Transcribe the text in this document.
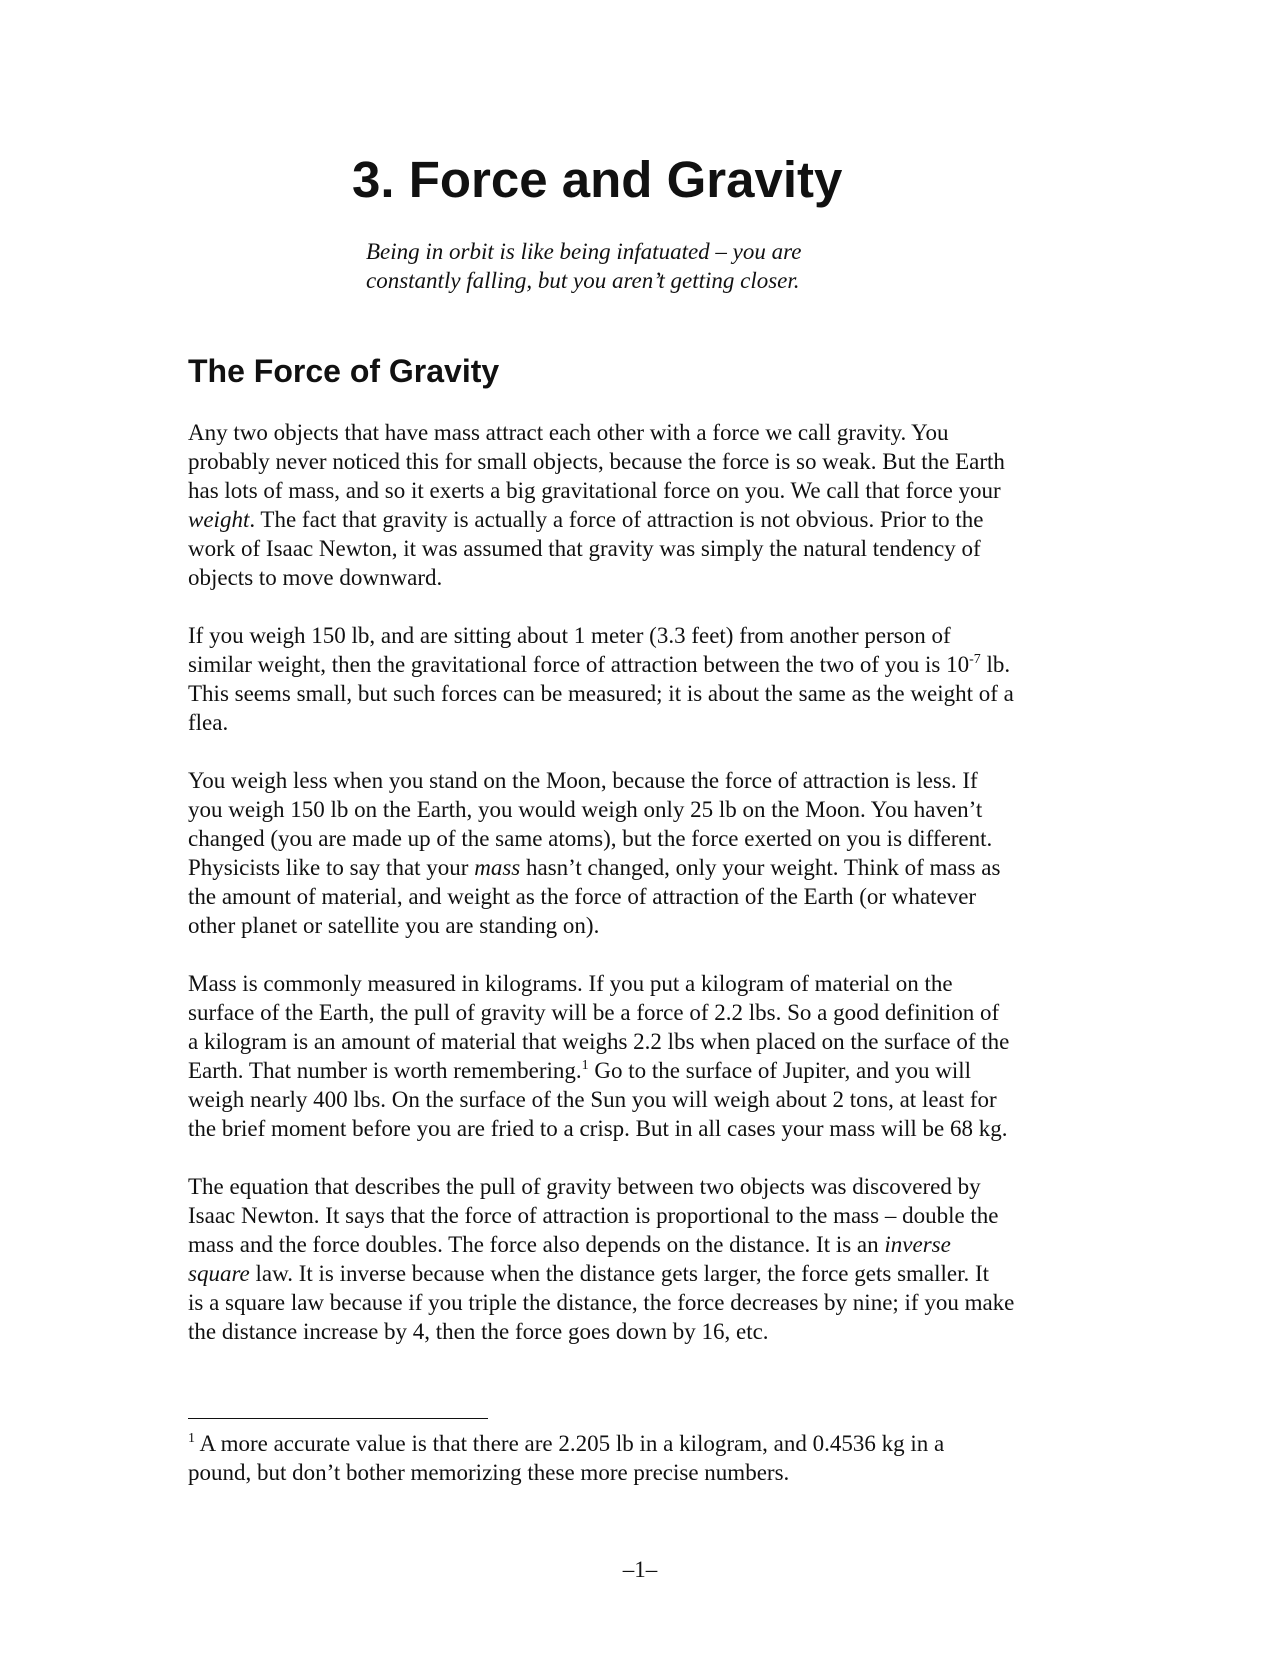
3. Force and Gravity
Being in orbit is like being infatuated – you are
constantly falling, but you aren’t getting closer.
The Force of Gravity
Any two objects that have mass attract each other with a force we call gravity. You
probably never noticed this for small objects, because the force is so weak. But the Earth
has lots of mass, and so it exerts a big gravitational force on you. We call that force your
weight. The fact that gravity is actually a force of attraction is not obvious. Prior to the
work of Isaac Newton, it was assumed that gravity was simply the natural tendency of
objects to move downward.
If you weigh 150 lb, and are sitting about 1 meter (3.3 feet) from another person of
similar weight, then the gravitational force of attraction between the two of you is $10^{-7}$ lb.
This seems small, but such forces can be measured; it is about the same as the weight of a
flea.
You weigh less when you stand on the Moon, because the force of attraction is less. If
you weigh 150 lb on the Earth, you would weigh only 25 lb on the Moon. You haven’t
changed (you are made up of the same atoms), but the force exerted on you is different.
Physicists like to say that your mass hasn’t changed, only your weight. Think of mass as
the amount of material, and weight as the force of attraction of the Earth (or whatever
other planet or satellite you are standing on).
Mass is commonly measured in kilograms. If you put a kilogram of material on the
surface of the Earth, the pull of gravity will be a force of 2.2 lbs. So a good definition of
a kilogram is an amount of material that weighs 2.2 lbs when placed on the surface of the
Earth. That number is worth remembering.$^1$ Go to the surface of Jupiter, and you will
weigh nearly 400 lbs. On the surface of the Sun you will weigh about 2 tons, at least for
the brief moment before you are fried to a crisp. But in all cases your mass will be 68 kg.
The equation that describes the pull of gravity between two objects was discovered by
Isaac Newton. It says that the force of attraction is proportional to the mass – double the
mass and the force doubles. The force also depends on the distance. It is an inverse
square law. It is inverse because when the distance gets larger, the force gets smaller. It
is a square law because if you triple the distance, the force decreases by nine; if you make
the distance increase by 4, then the force goes down by 16, etc.
$^1$ A more accurate value is that there are 2.205 lb in a kilogram, and 0.4536 kg in a
pound, but don’t bother memorizing these more precise numbers.
–1–
